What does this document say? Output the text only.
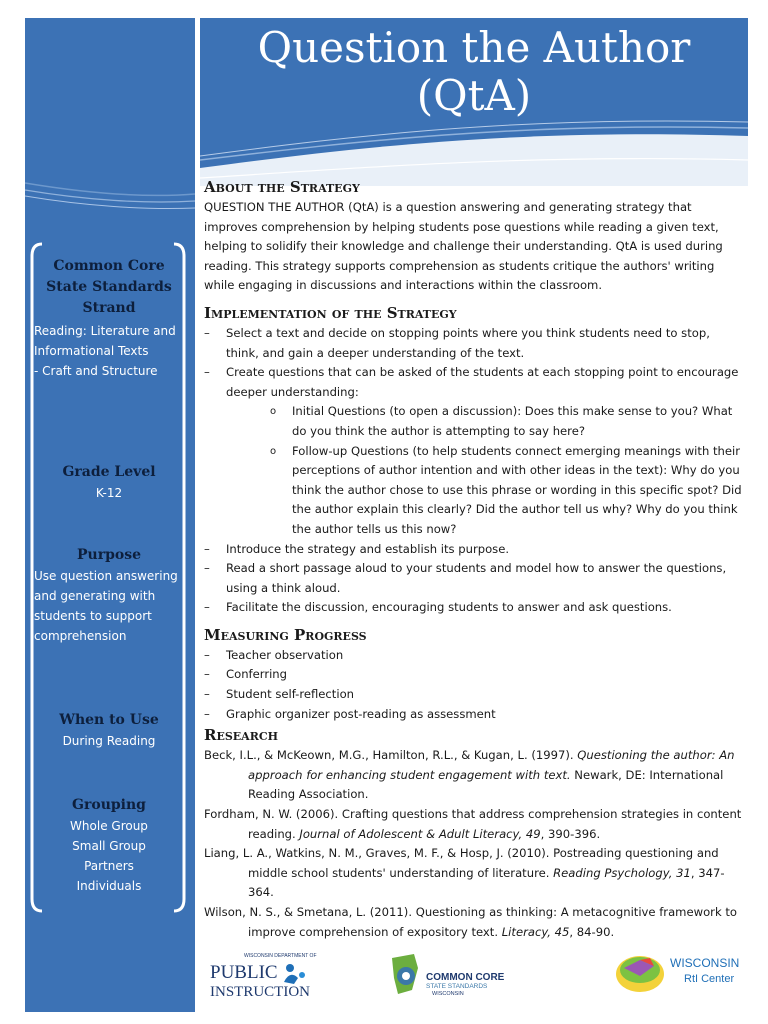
Common Core State Standards Strand
Reading: Literature and Informational Texts
- Craft and Structure
Grade Level
K-12
Purpose
Use question answering and generating with students to support comprehension
When to Use
During Reading
Grouping
Whole Group
Small Group
Partners
Individuals
Question the Author
(QtA)
About the Strategy

QUESTION THE AUTHOR (QtA) is a question answering and generating strategy that improves comprehension by helping students pose questions while reading a given text, helping to solidify their knowledge and challenge their understanding. QtA is used during reading. This strategy supports comprehension as students critique the authors' writing while engaging in discussions and interactions within the classroom.

Implementation of the Strategy
– Select a text and decide on stopping points where you think students need to stop, think, and gain a deeper understanding of the text.
– Create questions that can be asked of the students at each stopping point to encourage deeper understanding:
o Initial Questions (to open a discussion): Does this make sense to you? What do you think the author is attempting to say here?
o Follow-up Questions (to help students connect emerging meanings with their perceptions of author intention and with other ideas in the text): Why do you think the author chose to use this phrase or wording in this specific spot? Did the author explain this clearly? Did the author tell us why? Why do you think the author tells us this now?
– Introduce the strategy and establish its purpose.
– Read a short passage aloud to your students and model how to answer the questions, using a think aloud.
– Facilitate the discussion, encouraging students to answer and ask questions.
Measuring Progress
– Teacher observation
– Conferring
– Student self-reflection
– Graphic organizer post-reading as assessment
Research

Beck, I.L., & McKeown, M.G., Hamilton, R.L., & Kugan, L. (1997). Questioning the author: An approach for enhancing student engagement with text. Newark, DE: International Reading Association.

Fordham, N. W. (2006). Crafting questions that address comprehension strategies in content reading. Journal of Adolescent & Adult Literacy, 49, 390-396.

Liang, L. A., Watkins, N. M., Graves, M. F., & Hosp, J. (2010). Postreading questioning and middle school students' understanding of literature. Reading Psychology, 31, 347-364.

Wilson, N. S., & Smetana, L. (2011). Questioning as thinking: A metacognitive framework to improve comprehension of expository text. Literacy, 45, 84-90.

WISCONSIN DEPARTMENT OF
PUBLIC
INSTRUCTION
COMMON CORE
STATE STANDARDS
WISCONSIN
WISCONSIN
RtI Center
